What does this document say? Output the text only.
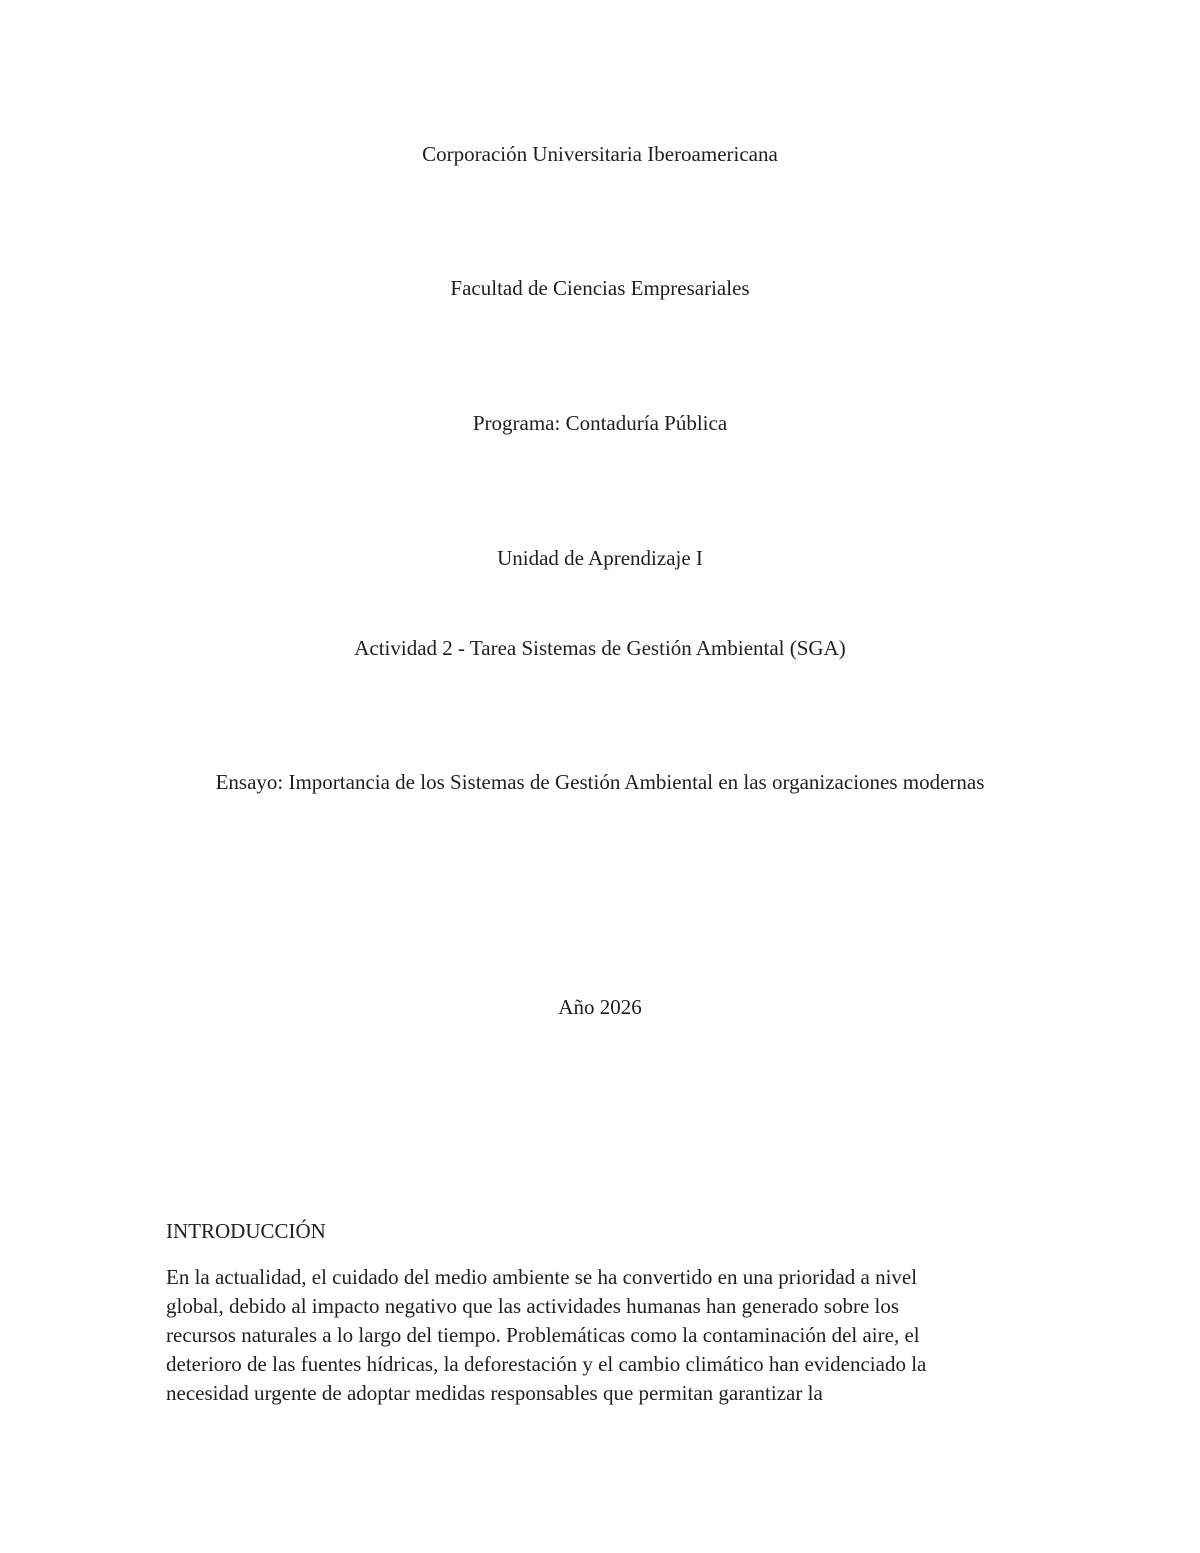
Corporación Universitaria Iberoamericana
Facultad de Ciencias Empresariales
Programa: Contaduría Pública
Unidad de Aprendizaje I
Actividad 2 - Tarea Sistemas de Gestión Ambiental (SGA)
Ensayo: Importancia de los Sistemas de Gestión Ambiental en las organizaciones modernas
Año 2026
INTRODUCCIÓN
En la actualidad, el cuidado del medio ambiente se ha convertido en una prioridad a nivel
global, debido al impacto negativo que las actividades humanas han generado sobre los
recursos naturales a lo largo del tiempo. Problemáticas como la contaminación del aire, el
deterioro de las fuentes hídricas, la deforestación y el cambio climático han evidenciado la
necesidad urgente de adoptar medidas responsables que permitan garantizar la
